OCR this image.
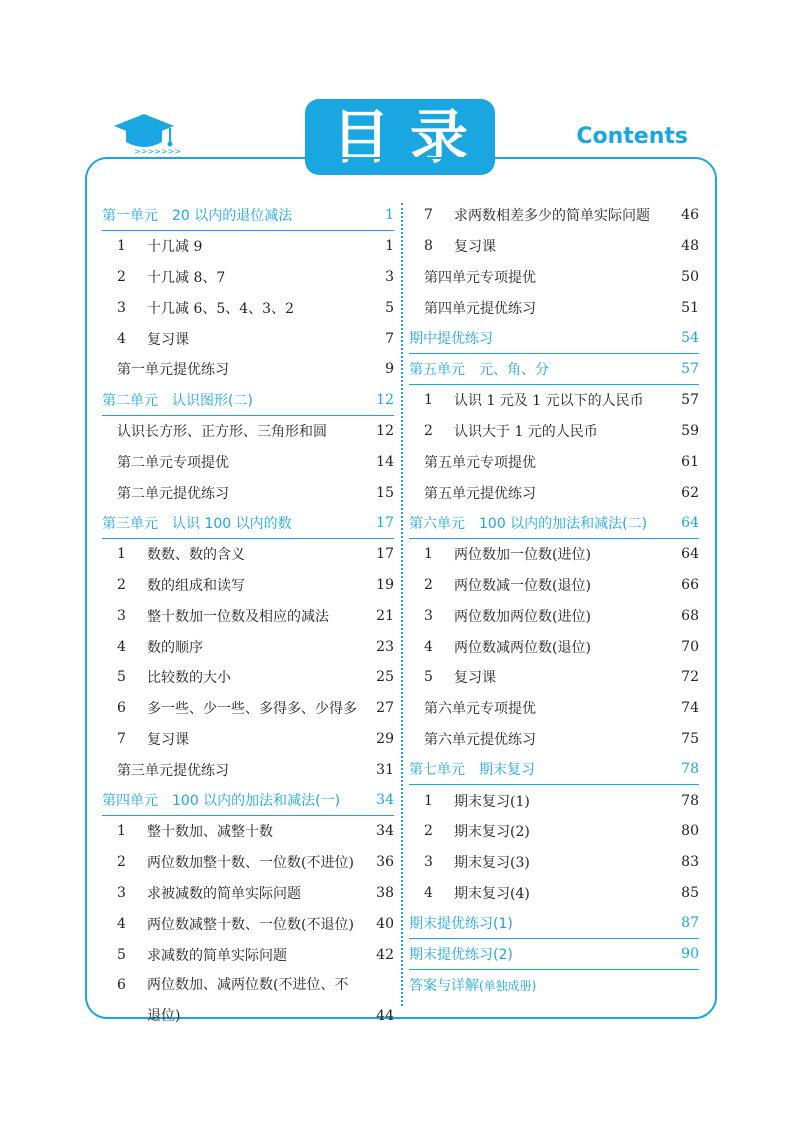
>>>>>>>	目录	Contents
第一单元　20 以内的退位减法	1
1	十几减 9	1
2	十几减 8、7	3
3	十几减 6、5、4、3、2	5
4	复习课	7
第一单元提优练习	9
第二单元　认识图形(二)	12
认识长方形、正方形、三角形和圆	12
第二单元专项提优	14
第二单元提优练习	15
第三单元　认识 100 以内的数	17
1	数数、数的含义	17
2	数的组成和读写	19
3	整十数加一位数及相应的减法	21
4	数的顺序	23
5	比较数的大小	25
6	多一些、少一些、多得多、少得多	27
7	复习课	29
第三单元提优练习	31
第四单元　100 以内的加法和减法(一)	34
1	整十数加、减整十数	34
2	两位数加整十数、一位数(不进位)	36
3	求被减数的简单实际问题	38
4	两位数减整十数、一位数(不退位)	40
5	求减数的简单实际问题	42
6	两位数加、减两位数(不进位、不
退位)	44
7	求两数相差多少的简单实际问题	46
8	复习课	48
第四单元专项提优	50
第四单元提优练习	51
期中提优练习	54
第五单元　元、角、分	57
1	认识 1 元及 1 元以下的人民币	57
2	认识大于 1 元的人民币	59
第五单元专项提优	61
第五单元提优练习	62
第六单元　100 以内的加法和减法(二)	64
1	两位数加一位数(进位)	64
2	两位数减一位数(退位)	66
3	两位数加两位数(进位)	68
4	两位数减两位数(退位)	70
5	复习课	72
第六单元专项提优	74
第六单元提优练习	75
第七单元　期末复习	78
1	期末复习(1)	78
2	期末复习(2)	80
3	期末复习(3)	83
4	期末复习(4)	85
期末提优练习(1)	87
期末提优练习(2)	90
答案与详解(单独成册)
